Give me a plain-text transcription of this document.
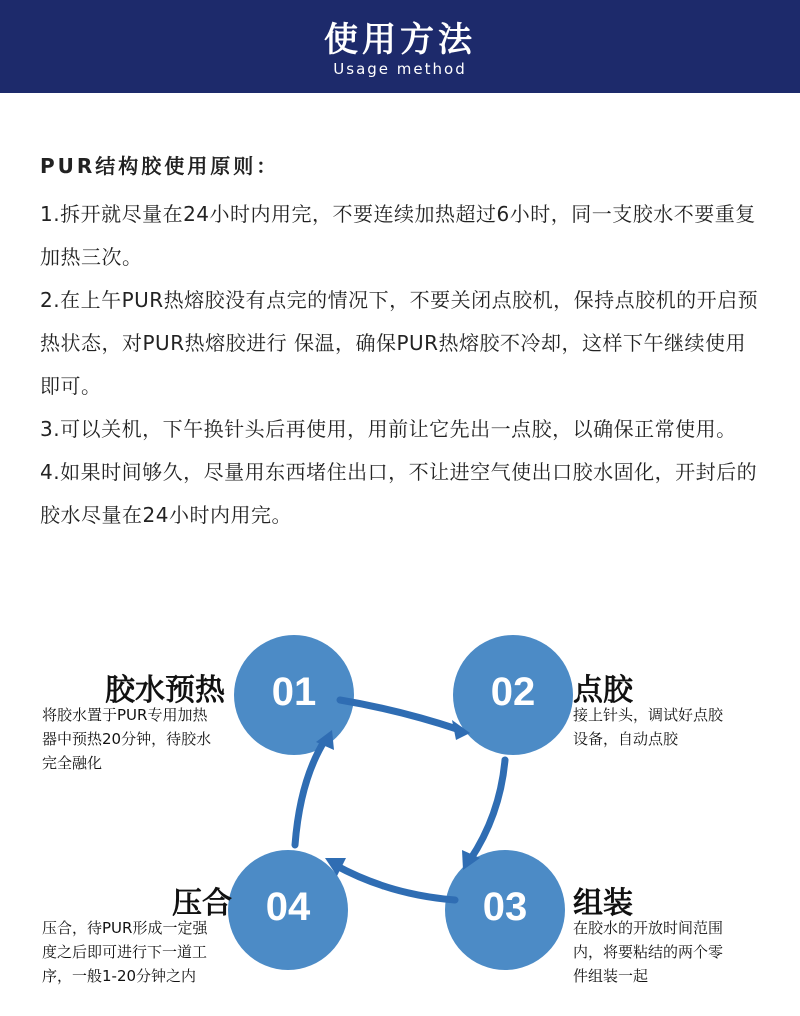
使用方法
Usage method
PUR结构胶使用原则：
1.拆开就尽量在24小时内用完，不要连续加热超过6小时，同一支胶水不要重复加热三次。
2.在上午PUR热熔胶没有点完的情况下，不要关闭点胶机，保持点胶机的开启预热状态，对PUR热熔胶进行 保温，确保PUR热熔胶不冷却，这样下午继续使用即可。
3.可以关机，下午换针头后再使用，用前让它先出一点胶，以确保正常使用。
4.如果时间够久，尽量用东西堵住出口，不让进空气使出口胶水固化，开封后的胶水尽量在24小时内用完。
01	02
03
04
胶水预热
将胶水置于PUR专用加热
器中预热20分钟，待胶水
完全融化
点胶
接上针头，调试好点胶
设备，自动点胶
组装
在胶水的开放时间范围
内，将要粘结的两个零
件组装一起
压合
压合，待PUR形成一定强
度之后即可进行下一道工
序，一般1-20分钟之内
